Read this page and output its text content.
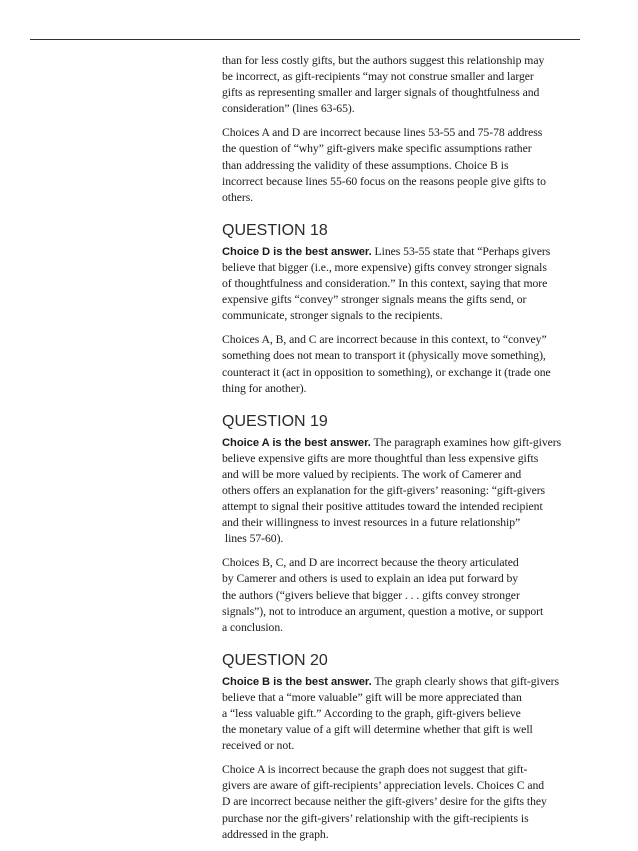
than for less costly gifts, but the authors suggest this relationship may
be incorrect, as gift-recipients “may not construe smaller and larger
gifts as representing smaller and larger signals of thoughtfulness and
consideration” (lines 63-65).

Choices A and D are incorrect because lines 53-55 and 75-78 address
the question of “why” gift-givers make specific assumptions rather
than addressing the validity of these assumptions. Choice B is
incorrect because lines 55-60 focus on the reasons people give gifts to
others.

QUESTION 18

Choice D is the best answer. Lines 53-55 state that “Perhaps givers
believe that bigger (i.e., more expensive) gifts convey stronger signals
of thoughtfulness and consideration.” In this context, saying that more
expensive gifts “convey” stronger signals means the gifts send, or
communicate, stronger signals to the recipients.

Choices A, B, and C are incorrect because in this context, to “convey”
something does not mean to transport it (physically move something),
counteract it (act in opposition to something), or exchange it (trade one
thing for another).

QUESTION 19

Choice A is the best answer. The paragraph examines how gift-givers
believe expensive gifts are more thoughtful than less expensive gifts
and will be more valued by recipients. The work of Camerer and
others offers an explanation for the gift-givers’ reasoning: “gift-givers
attempt to signal their positive attitudes toward the intended recipient
and their willingness to invest resources in a future relationship”
lines 57-60).

Choices B, C, and D are incorrect because the theory articulated
by Camerer and others is used to explain an idea put forward by
the authors (“givers believe that bigger . . . gifts convey stronger
signals”), not to introduce an argument, question a motive, or support
a conclusion.

QUESTION 20

Choice B is the best answer. The graph clearly shows that gift-givers
believe that a “more valuable” gift will be more appreciated than
a “less valuable gift.” According to the graph, gift-givers believe
the monetary value of a gift will determine whether that gift is well
received or not.

Choice A is incorrect because the graph does not suggest that gift-
givers are aware of gift-recipients’ appreciation levels. Choices C and
D are incorrect because neither the gift-givers’ desire for the gifts they
purchase nor the gift-givers’ relationship with the gift-recipients is
addressed in the graph.
